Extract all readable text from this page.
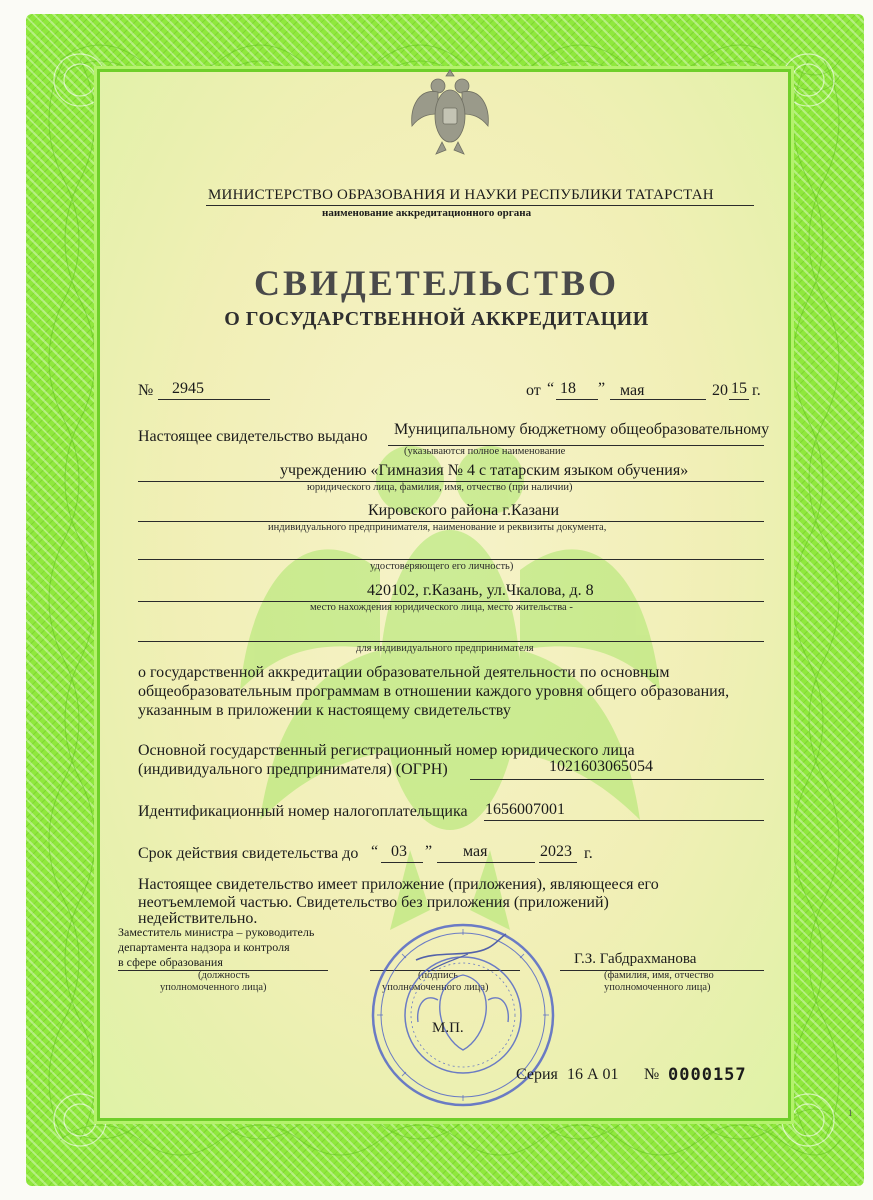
МИНИСТЕРСТВО ОБРАЗОВАНИЯ И НАУКИ РЕСПУБЛИКИ ТАТАРСТАН
наименование аккредитационного органа
СВИДЕТЕЛЬСТВО
О ГОСУДАРСТВЕННОЙ АККРЕДИТАЦИИ
№ 2945	от “ 18 ” мая	20 15 г.
Настоящее свидетельство выдано Муниципальному бюджетному общеобразовательному
(указываются полное наименование
учреждению «Гимназия № 4 с татарским языком обучения»
юридического лица, фамилия, имя, отчество (при наличии)
Кировского района г.Казани
индивидуального предпринимателя, наименование и реквизиты документа,
удостоверяющего его личность)
420102, г.Казань, ул.Чкалова, д. 8
место нахождения юридического лица, место жительства -
для индивидуального предпринимателя
о государственной аккредитации образовательной деятельности по основным
общеобразовательным программам в отношении каждого уровня общего образования,
указанным в приложении к настоящему свидетельству
Основной государственный регистрационный номер юридического лица
(индивидуального предпринимателя) (ОГРН)	1021603065054
Идентификационный номер налогоплательщика 1656007001
Срок действия свидетельства до “ 03 ” мая	2023 г.
Настоящее свидетельство имеет приложение (приложения), являющееся его
неотъемлемой частью. Свидетельство без приложения (приложений)
недействительно.
Заместитель министра – руководитель
департамента надзора и контроля
в сфере образования
(должность
уполномоченного лица)
(подпись
уполномоченного лица)
Г.З. Габдрахманова
(фамилия, имя, отчество
уполномоченного лица)
М.П.
Серия 16 А 01 № 0000157
1
